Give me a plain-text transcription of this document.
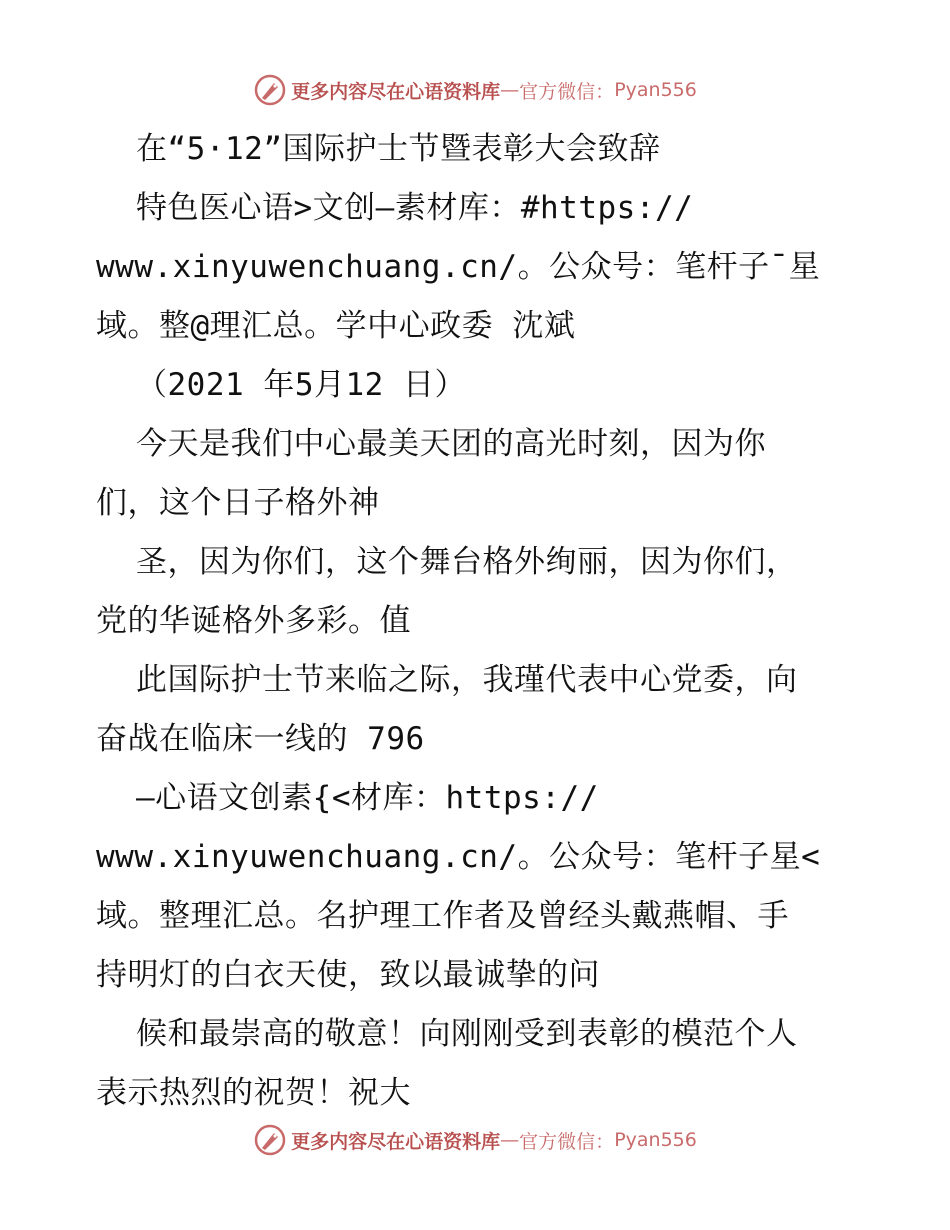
更多内容尽在心语资料库 — 官方微信： Pyan556
在“5·12”国际护士节暨表彰大会致辞
特色医心语>文创—素材库：#https://
www.xinyuwenchuang.cn/。公众号：笔杆子¯星
域。整@理汇总。学中心政委 沈斌
（2021 年5月12 日）
今天是我们中心最美天团的高光时刻，因为你
们，这个日子格外神
圣，因为你们，这个舞台格外绚丽，因为你们，
党的华诞格外多彩。值
此国际护士节来临之际，我瑾代表中心党委，向
奋战在临床一线的 796
—心语文创素{<材库：https://
www.xinyuwenchuang.cn/。公众号：笔杆子星<
域。整理汇总。名护理工作者及曾经头戴燕帽、手
持明灯的白衣天使，致以最诚挚的问
候和最崇高的敬意！向刚刚受到表彰的模范个人
表示热烈的祝贺！祝大
更多内容尽在心语资料库 — 官方微信： Pyan556
